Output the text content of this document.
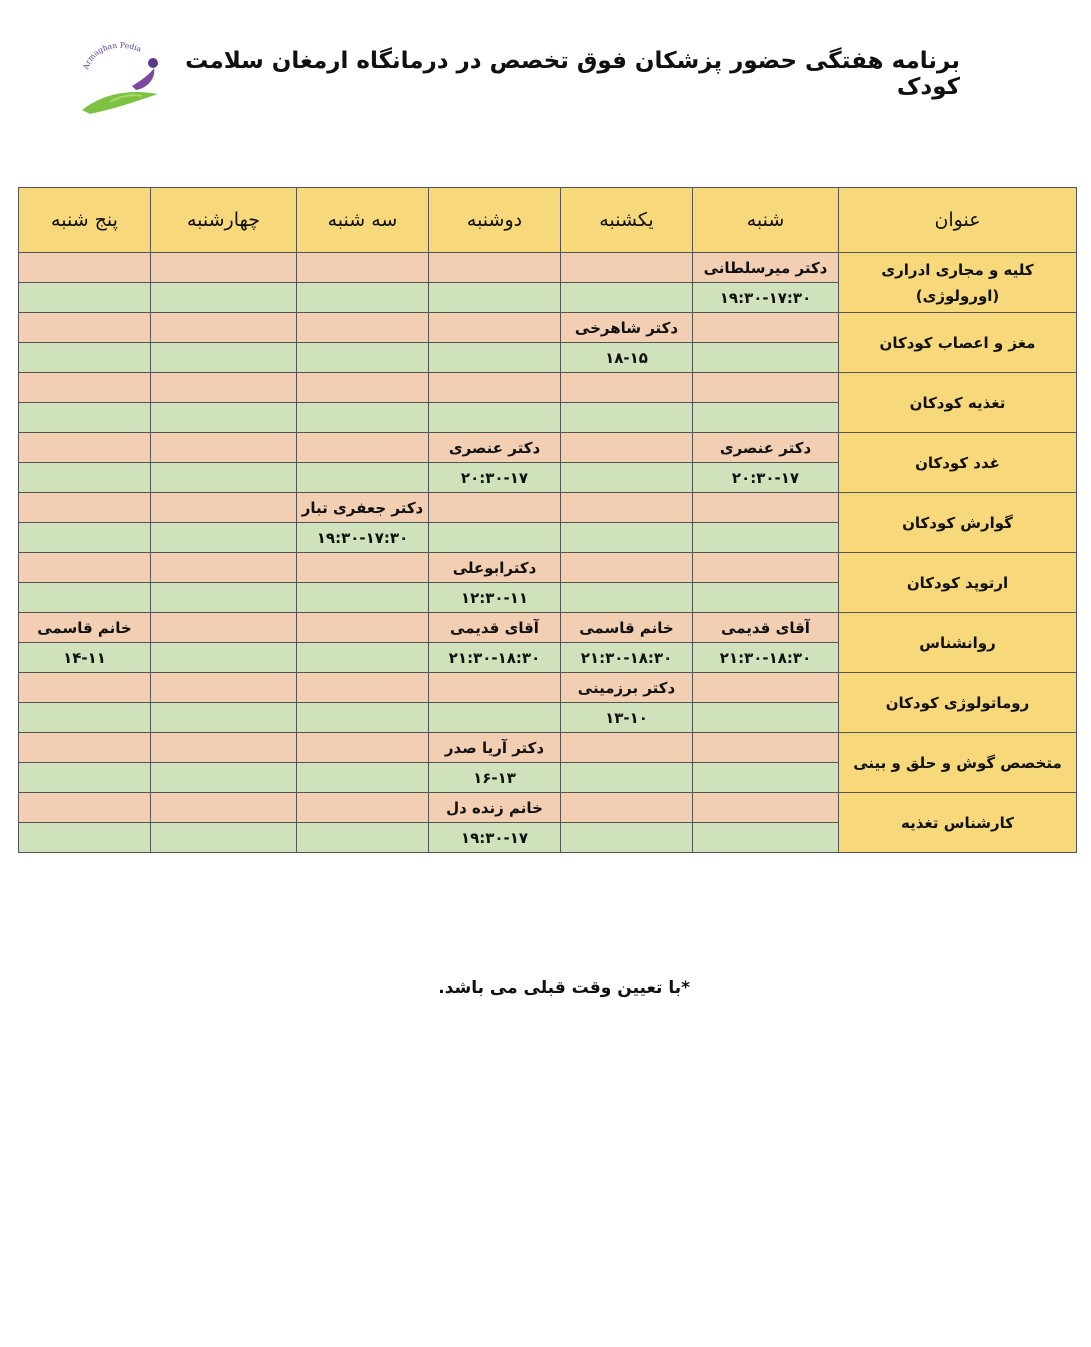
Armaghan Pedia برنامه هفتگی حضور پزشکان فوق تخصص در درمانگاه ارمغان سلامت کودک
عنوان	شنبه	یکشنبه	دوشنبه	سه شنبه	چهارشنبه	پنج شنبه
کلیه و مجاری ادراری (اورولوژی)	دکتر میرسلطانی					
	۱۹:۳۰-۱۷:۳۰					
مغز و اعصاب کودکان		دکتر شاهرخی				
		۱۸-۱۵				
تغذیه کودکان						

غدد کودکان	دکتر عنصری		دکتر عنصری			
	۲۰:۳۰-۱۷		۲۰:۳۰-۱۷			
گوارش کودکان				دکتر جعفری تبار		
				۱۹:۳۰-۱۷:۳۰		
ارتوپد کودکان			دکترابوعلی			
			۱۲:۳۰-۱۱			
روانشناس	آقای قدیمی	خانم قاسمی	آقای قدیمی			خانم قاسمی
	۲۱:۳۰-۱۸:۳۰	۲۱:۳۰-۱۸:۳۰	۲۱:۳۰-۱۸:۳۰			۱۴-۱۱
روماتولوژی کودکان		دکتر برزمینی				
		۱۳-۱۰				
متخصص گوش و حلق و بینی			دکتر آریا صدر			
			۱۶-۱۳			
کارشناس تغذیه			خانم زنده دل			
			۱۹:۳۰-۱۷			
*با تعیین وقت قبلی می باشد.
